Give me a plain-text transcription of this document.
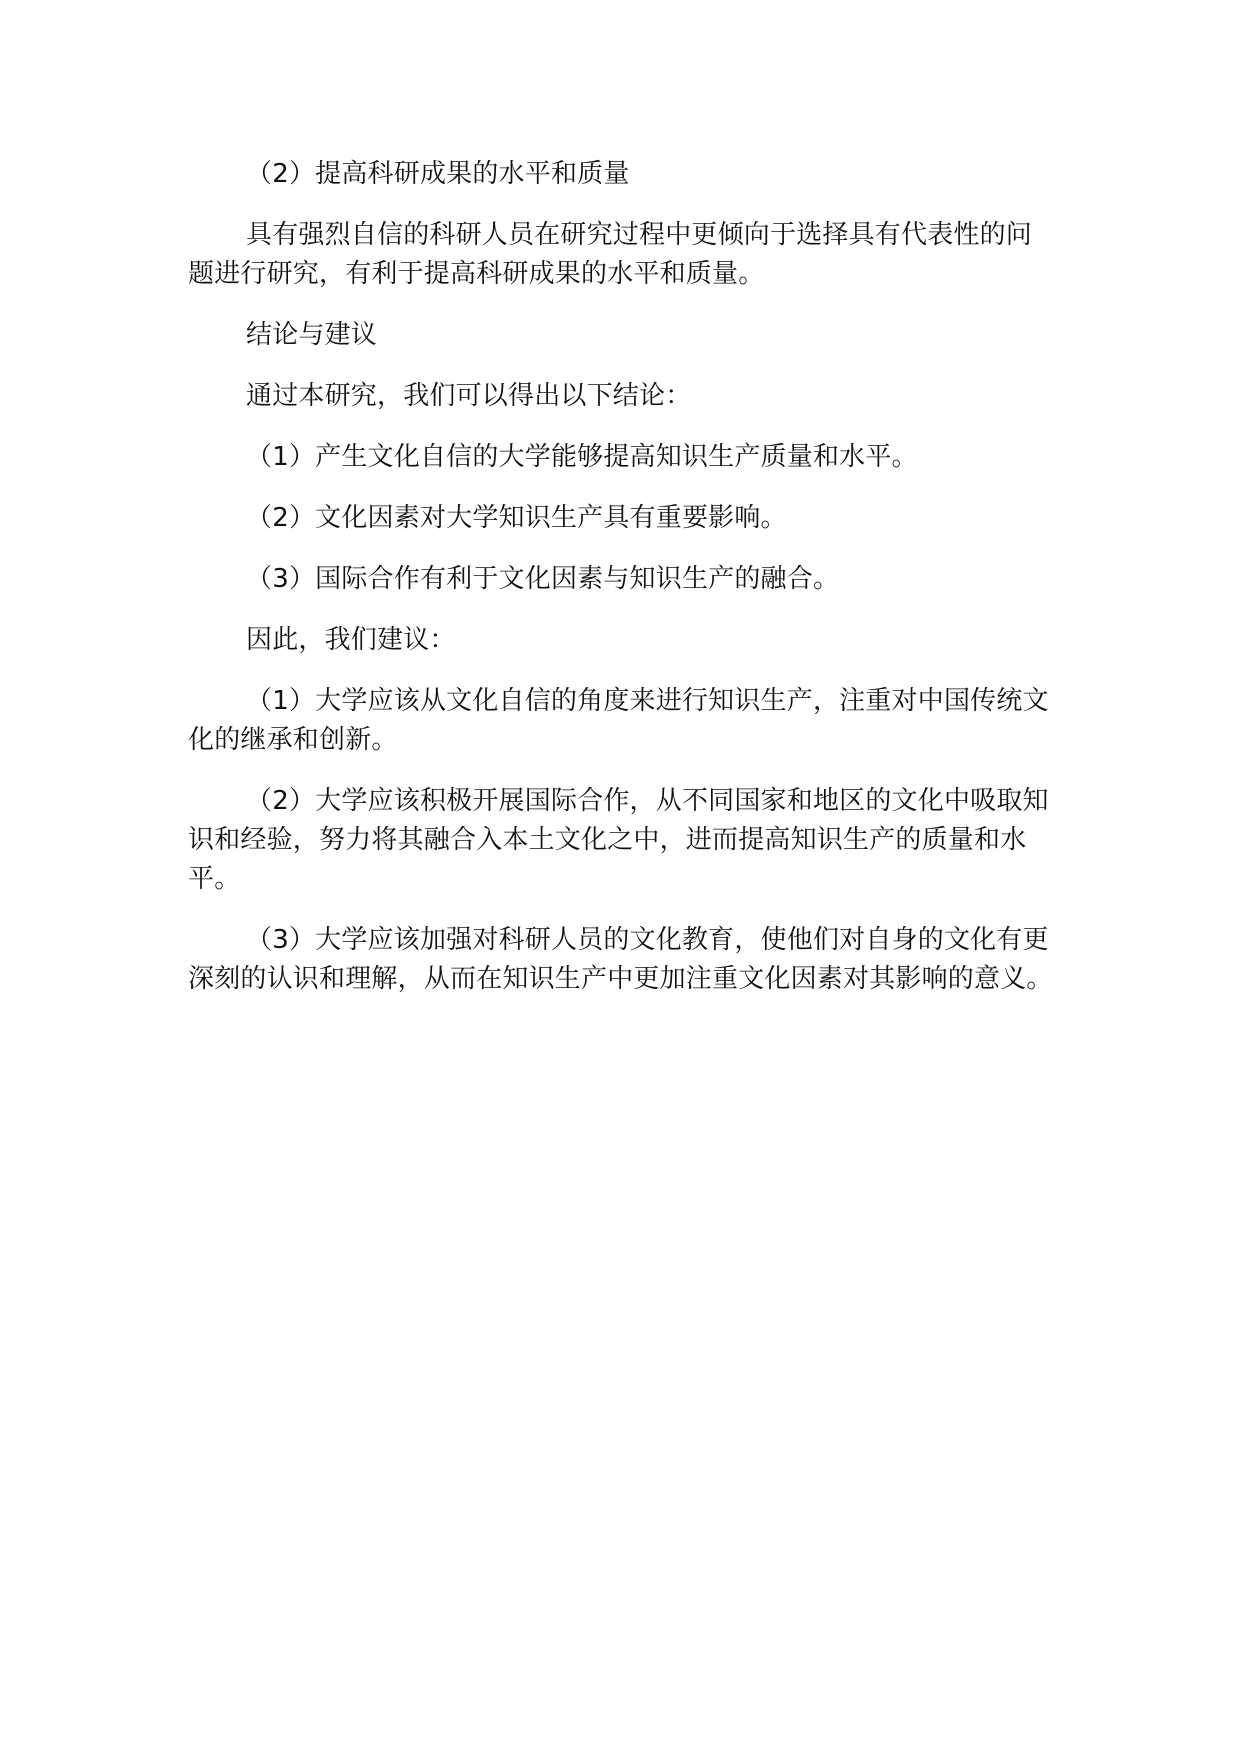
（2）提高科研成果的水平和质量

具有强烈自信的科研人员在研究过程中更倾向于选择具有代表性的问题进行研究，有利于提高科研成果的水平和质量。

结论与建议

通过本研究，我们可以得出以下结论：

（1）产生文化自信的大学能够提高知识生产质量和水平。

（2）文化因素对大学知识生产具有重要影响。

（3）国际合作有利于文化因素与知识生产的融合。

因此，我们建议：

（1）大学应该从文化自信的角度来进行知识生产，注重对中国传统文化的继承和创新。

（2）大学应该积极开展国际合作，从不同国家和地区的文化中吸取知识和经验，努力将其融合入本土文化之中，进而提高知识生产的质量和水平。

（3）大学应该加强对科研人员的文化教育，使他们对自身的文化有更深刻的认识和理解，从而在知识生产中更加注重文化因素对其影响的意义。
